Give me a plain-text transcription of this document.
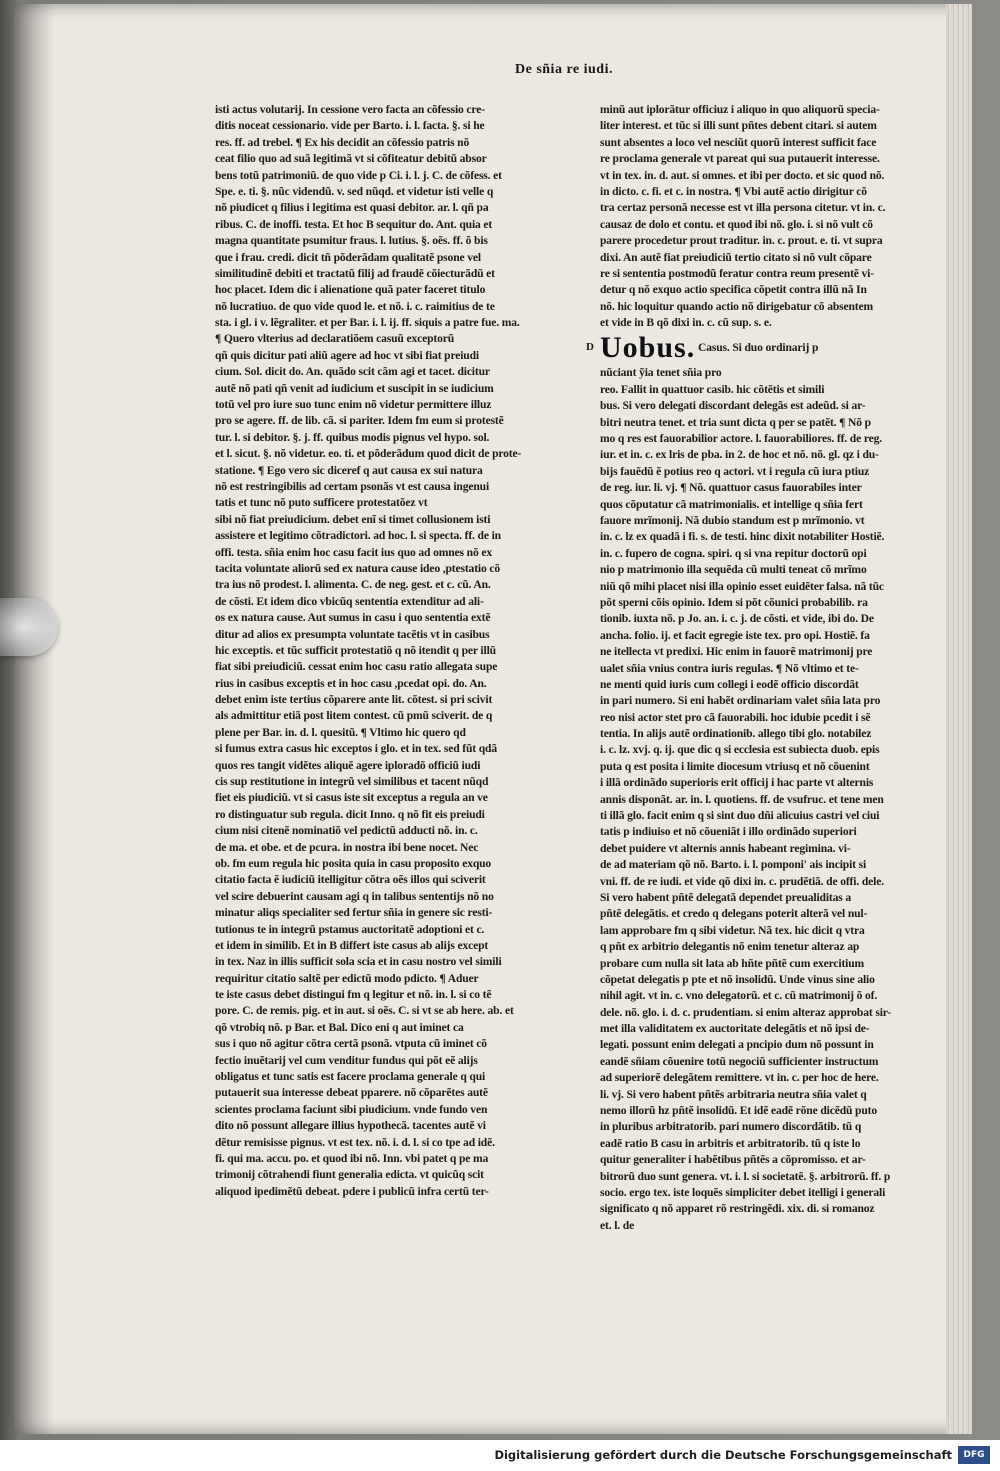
De sn͂ia re iudi.
isti actus volutarij. In cessione vero facta an cõfessio cre-
ditis noceat cessionario. vide per Barto. i. l. facta. §. si he
res. ff. ad trebel. ¶ Ex his decidit an cõfessio patris nõ
ceat filio quo ad suã legitimã vt si cõfiteatur debitũ absor
bens totũ patrimoniũ. de quo vide p Ci. i. l. j. C. de cõfess. et
Spe. e. ti. §. nũc videndũ. v. sed nũqd. et videtur isti velle q
nõ piudicet q filius i legitima est quasi debitor. ar. l. qñ pa
ribus. C. de inoffi. testa. Et hoc B sequitur do. Ant. quia et
magna quantitate psumitur fraus. l. lutius. §. oẽs. ff. õ bis
que i frau. credi. dicit tñ põderãdam qualitatẽ psone vel
similitudinẽ debiti et tractatũ filij ad fraudẽ cõiecturãdũ et
hoc placet. Idem dic i alienatione quã pater faceret titulo
nõ lucratiuo. de quo vide quod le. et nõ. i. c. raimitius de te
sta. i gl. i v. lẽgraliter. et per Bar. i. l. ij. ff. siquis a patre fue. ma.
¶ Quero vlterius ad declaratiõem casuũ exceptorũ
qñ quis dicitur pati aliũ agere ad hoc vt sibi fiat preiudi
cium. Sol. dicit do. An. quãdo scit cãm agi et tacet. dicitur
autẽ nõ pati qñ venit ad iudicium et suscipit in se iudicium
totũ vel pro iure suo tunc enim nõ videtur permittere illuz
pro se agere. ff. de lib. cã. si pariter. Idem fm eum si protestẽ
tur. l. si debitor. §. j. ff. quibus modis pignus vel hypo. sol.
et l. sicut. §. nõ videtur. eo. ti. et põderãdum quod dicit de prote-
statione. ¶ Ego vero sic diceref q aut causa ex sui natura
nõ est restringibilis ad certam psonãs vt est causa ingenui
tatis et tunc nõ puto sufficere protestatõez vt
sibi nõ fiat preiudicium. debet enĩ si timet collusionem isti
assistere et legitimo cõtradictori. ad hoc. l. si specta. ff. de in
offi. testa. sñia enim hoc casu facit ius quo ad omnes nõ ex
tacita voluntate aliorũ sed ex natura cause ideo ,ptestatio cõ
tra ius nõ prodest. l. alimenta. C. de neg. gest. et c. cũ. An.
de cõsti. Et idem dico vbicũq sententia extenditur ad ali-
os ex natura cause. Aut sumus in casu i quo sententia extẽ
ditur ad alios ex presumpta voluntate tacẽtis vt in casibus
hic exceptis. et tũc sufficit protestatiõ q nõ itendit q per illũ
fiat sibi preiudiciũ. cessat enim hoc casu ratio allegata supe
rius in casibus exceptis et in hoc casu ,pcedat opi. do. An.
debet enim iste tertius cõparere ante lit. cõtest. si pri scivit
als admittitur etiã post litem contest. cũ pmũ sciverit. de q
plene per Bar. in. d. l. quesitũ. ¶ Vltimo hic quero qd
si fumus extra casus hic exceptos i glo. et in tex. sed fũt qdã
quos res tangit vidẽtes aliquẽ agere iploradõ officiũ iudi
cis sup restitutione in integrũ vel similibus et tacent nũqd
fiet eis piudiciũ. vt si casus iste sit exceptus a regula an ve
ro distinguatur sub regula. dicit Inno. q nõ fit eis preiudi
cium nisi citenẽ nominatiõ vel pedictũ adducti nõ. in. c.
de ma. et obe. et de pcura. in nostra ibi bene nocet. Nec
ob. fm eum regula hic posita quia in casu proposito exquo
citatio facta ẽ iudiciũ itelligitur cõtra oẽs illos qui sciverit
vel scire debuerint causam agi q in talibus sententijs nõ no
minatur aliqs specialiter sed fertur sñia in genere sic resti-
tutionus te in integrũ pstamus auctoritatẽ adoptioni et c.
et idem in similib. Et in B differt iste casus ab alijs except
in tex. Naz in illis sufficit sola scia et in casu nostro vel simili
requiritur citatio saltẽ per edictũ modo pdicto. ¶ Aduer
te iste casus debet distingui fm q legitur et nõ. in. l. si co tẽ
pore. C. de remis. pig. et in aut. si oẽs. C. si vt se ab here. ab. et
qõ vtrobiq nõ. p Bar. et Bal. Dico eni q aut iminet ca
sus i quo nõ agitur cõtra certã psonã. vtputa cũ iminet cõ
fectio inuẽtarij vel cum venditur fundus qui põt eẽ alijs
obligatus et tunc satis est facere proclama generale q qui
putauerit sua interesse debeat pparere. nõ cõparẽtes autẽ
scientes proclama faciunt sibi piudicium. vnde fundo ven
dito nõ possunt allegare illius hypothecã. tacentes autẽ vi
dẽtur remisisse pignus. vt est tex. nõ. i. d. l. si co tpe ad idẽ.
fi. qui ma. accu. po. et quod ibi nõ. Inn. vbi patet q pe ma
trimonij cõtrahendi fiunt generalia edicta. vt quicũq scit
aliquod ipedimẽtũ debeat. pdere i publicũ infra certũ ter-
minũ aut iplorãtur officiuz i aliquo in quo aliquorũ specia-
liter interest. et tũc si illi sunt pñtes debent citari. si autem
sunt absentes a loco vel nesciũt quorũ interest sufficit face
re proclama generale vt pareat qui sua putauerit interesse.
vt in tex. in. d. aut. si omnes. et ibi per docto. et sic quod nõ.
in dicto. c. fi. et c. in nostra. ¶ Vbi autẽ actio dirigitur cõ
tra certaz personã necesse est vt illa persona citetur. vt in. c.
causaz de dolo et contu. et quod ibi nõ. glo. i. si nõ vult cõ
parere procedetur prout traditur. in. c. prout. e. ti. vt supra
dixi. An autẽ fiat preiudiciũ tertio citato si nõ vult cõpare
re si sententia postmodũ feratur contra reum presentẽ vi-
detur q nõ exquo actio specifica cõpetit contra illũ nã In
nõ. hic loquitur quando actio nõ dirigebatur cõ absentem
et vide in B qõ dixi in. c. cũ sup. s. e.
D Uobus. Casus. Si duo ordinarij p
nũciant ỹia tenet sñia pro
reo. Fallit in quattuor casib. hic cõtẽtis et simili
bus. Si vero delegati discordant delegãs est adeũd. si ar-
bitri neutra tenet. et tria sunt dicta q per se patẽt. ¶ Nõ p
mo q res est fauorabilior actore. l. fauorabiliores. ff. de reg.
iur. et in. c. ex lris de pba. in 2. de hoc et nõ. nõ. gl. qz i du-
bijs fauẽdũ ẽ potius reo q actori. vt i regula cũ iura ptiuz
de reg. iur. li. vj. ¶ Nõ. quattuor casus fauorabiles inter
quos cõputatur cã matrimonialis. et intellige q sñia fert
fauore mrĩmonij. Nã dubio standum est p mrĩmonio. vt
in. c. lz ex quadã i fi. s. de testi. hinc dixit notabiliter Hostiẽ.
in. c. fupero de cogna. spiri. q si vna repitur doctorũ opi
nio p matrimonio illa sequẽda cũ multi teneat cõ mrĩmo
niũ qõ mihi placet nisi illa opinio esset euidẽter falsa. nã tũc
põt sperni cõis opinio. Idem si põt cõunici probabilib. ra
tionib. iuxta nõ. p Jo. an. i. c. j. de cõsti. et vide, ibi do. De
ancha. folio. ij. et facit egregie iste tex. pro opi. Hostiẽ. fa
ne itellecta vt predixi. Hic enim in fauorẽ matrimonij pre
ualet sñia vnius contra iuris regulas. ¶ Nõ vltimo et te-
ne menti quid iuris cum collegi i eodẽ officio discordãt
in pari numero. Si eni habẽt ordinariam valet sñia lata pro
reo nisi actor stet pro cã fauorabili. hoc idubie pcedit i sẽ
tentia. In alijs autẽ ordinationib. allego tibi glo. notabilez
i. c. lz. xvj. q. ij. que dic q si ecclesia est subiecta duob. epis
puta q est posita i limite diocesum vtriusq et nõ cõuenint
i illã ordinãdo superioris erit officij i hac parte vt alternis
annis disponãt. ar. in. l. quotiens. ff. de vsufruc. et tene men
ti illã glo. facit enim q si sint duo dñi alicuius castri vel ciui
tatis p indiuiso et nõ cõueniãt i illo ordinãdo superiori
debet puidere vt alternis annis habeant regimina. vi-
de ad materiam qõ nõ. Barto. i. l. pomponi' ais incipit si
vni. ff. de re iudi. et vide qõ dixi in. c. prudẽtiã. de offi. dele.
Si vero habent pñtẽ delegatã dependet preualiditas a
pñtẽ delegãtis. et credo q delegans poterit alterã vel nul-
lam approbare fm q sibi videtur. Nã tex. hic dicit q vtra
q pñt ex arbitrio delegantis nõ enim tenetur alteraz ap
probare cum nulla sit lata ab hñte pñtẽ cum exercitium
cõpetat delegatis p pte et nõ insolidũ. Unde vinus sine alio
nihil agit. vt in. c. vno delegatorũ. et c. cũ matrimonij õ of.
dele. nõ. glo. i. d. c. prudentiam. si enim alteraz approbat sir-
met illa validitatem ex auctoritate delegãtis et nõ ipsi de-
legati. possunt enim delegati a pncipio dum nõ possunt in
eandẽ sñiam cõuenire totũ negociũ sufficienter instructum
ad superiorẽ delegãtem remittere. vt in. c. per hoc de here.
li. vj. Si vero habent pñtẽs arbitraria neutra sñia valet q
nemo illorũ hz pñtẽ insolidũ. Et idẽ eadẽ rõne dicẽdũ puto
in pluribus arbitratorib. pari numero discordãtib. tũ q
eadẽ ratio B casu in arbitris et arbitratorib. tũ q iste lo
quitur generaliter i habẽtibus pñtẽs a cõpromisso. et ar-
bitrorũ duo sunt genera. vt. i. l. si societatẽ. §. arbitrorũ. ff. p
socio. ergo tex. iste loquẽs simpliciter debet itelligi i generali
significato q nõ apparet rõ restringẽdi. xix. di. si romanoz
et. l. de
Digitalisierung gefördert durch die Deutsche Forschungsgemeinschaft	DFG
